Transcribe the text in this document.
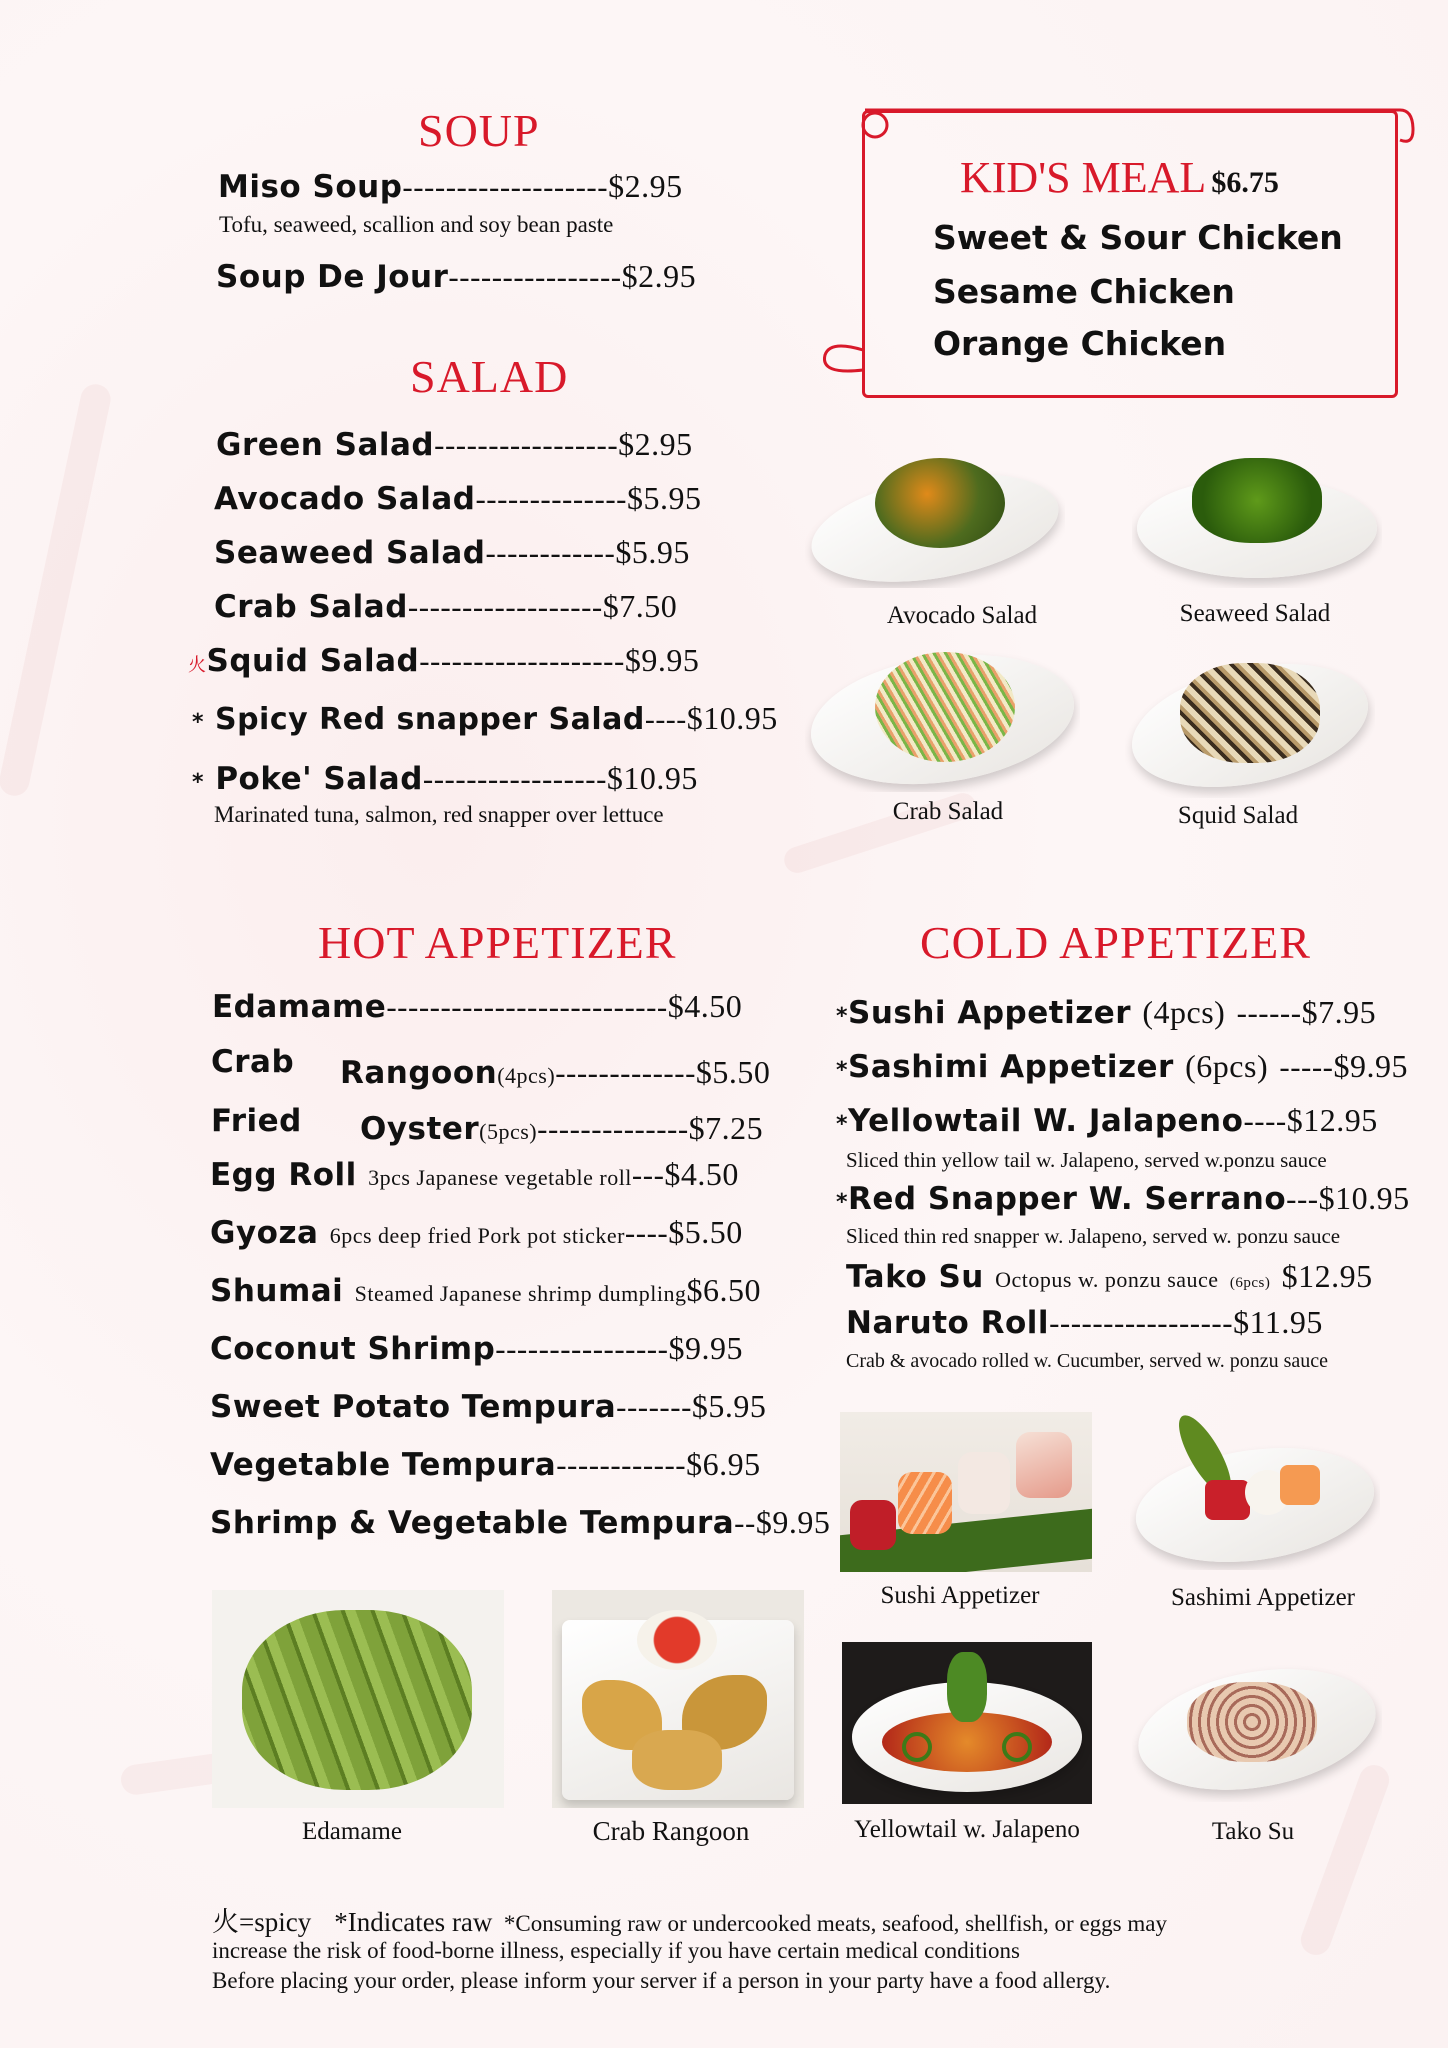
SOUP
Miso Soup-------------------$2.95
Tofu, seaweed, scallion and soy bean paste
Soup De Jour----------------$2.95
SALAD
Green Salad-----------------$2.95
Avocado Salad--------------$5.95
Seaweed Salad------------$5.95
Crab Salad------------------$7.50
火Squid Salad-------------------$9.95
* Spicy Red snapper Salad----$10.95
* Poke' Salad-----------------$10.95
Marinated tuna, salmon, red snapper over lettuce
KID'S MEAL $6.75
Sweet & Sour Chicken
Sesame Chicken
Orange Chicken
Avocado Salad	Seaweed Salad
Crab Salad	Squid Salad
HOT APPETIZER
Edamame--------------------------$4.50
Crab Rangoon(4pcs)-------------$5.50
Fried Oyster(5pcs)--------------$7.25
Egg Roll 3pcs Japanese vegetable roll---$4.50
Gyoza 6pcs deep fried Pork pot sticker----$5.50
Shumai Steamed Japanese shrimp dumpling$6.50
Coconut Shrimp----------------$9.95
Sweet Potato Tempura-------$5.95
Vegetable Tempura------------$6.95
Shrimp & Vegetable Tempura--$9.95
COLD APPETIZER
*Sushi Appetizer (4pcs) ------$7.95
*Sashimi Appetizer (6pcs) -----$9.95
*Yellowtail W. Jalapeno----$12.95
Sliced thin yellow tail w. Jalapeno, served w.ponzu sauce
*Red Snapper W. Serrano---$10.95
Sliced thin red snapper w. Jalapeno, served w. ponzu sauce
Tako Su Octopus w. ponzu sauce (6pcs) $12.95
Naruto Roll-----------------$11.95
Crab & avocado rolled w. Cucumber, served w. ponzu sauce
Sushi Appetizer	Sashimi Appetizer
Yellowtail w. Jalapeno	Tako Su
Edamame	Crab Rangoon
火=spicy *Indicates raw *Consuming raw or undercooked meats, seafood, shellfish, or eggs may
increase the risk of food-borne illness, especially if you have certain medical conditions
Before placing your order, please inform your server if a person in your party have a food allergy.
